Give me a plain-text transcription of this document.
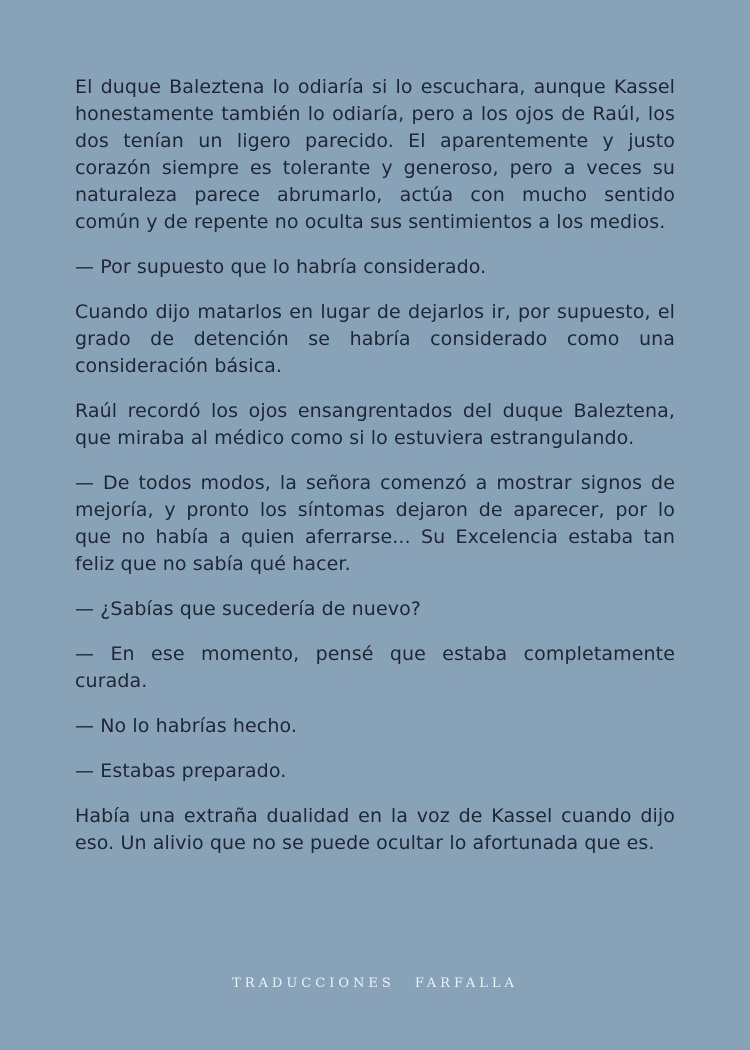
El duque Baleztena lo odiaría si lo escuchara, aunque Kassel honestamente también lo odiaría, pero a los ojos de Raúl, los dos tenían un ligero parecido. El aparentemente y justo corazón siempre es tolerante y generoso, pero a veces su naturaleza parece abrumarlo, actúa con mucho sentido común y de repente no oculta sus sentimientos a los medios.

— Por supuesto que lo habría considerado.

Cuando dijo matarlos en lugar de dejarlos ir, por supuesto, el grado de detención se habría considerado como una consideración básica.

Raúl recordó los ojos ensangrentados del duque Baleztena, que miraba al médico como si lo estuviera estrangulando.

— De todos modos, la señora comenzó a mostrar signos de mejoría, y pronto los síntomas dejaron de aparecer, por lo que no había a quien aferrarse... Su Excelencia estaba tan feliz que no sabía qué hacer.

— ¿Sabías que sucedería de nuevo?

— En ese momento, pensé que estaba completamente curada.

— No lo habrías hecho.

— Estabas preparado.

Había una extraña dualidad en la voz de Kassel cuando dijo eso. Un alivio que no se puede ocultar lo afortunada que es.

TRADUCCIONES FARFALLA
